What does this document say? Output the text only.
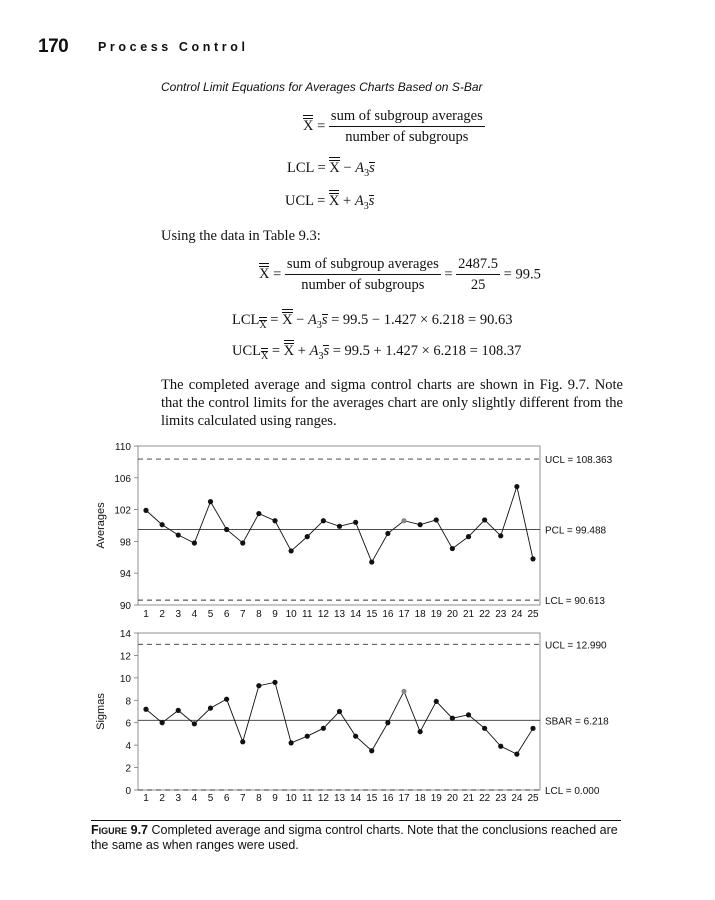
170 Process Control
Control Limit Equations for Averages Charts Based on S-Bar
$X = \frac{\text{sum of subgroup averages}}{\text{number of subgroups}}$
LCL = $X - A_3s$
UCL = $X + A_3s$
Using the data in Table 9.3:
$X = \frac{\text{sum of subgroup averages}}{\text{number of subgroups}} = \frac{2487.5}{25} = 99.5$
$LCL_X = X - A_3s = 99.5 - 1.427 \times 6.218 = 90.63$
$UCL_X = X + A_3s = 99.5 + 1.427 \times 6.218 = 108.37$
The completed average and sigma control charts are shown in Fig. 9.7. Note that the control limits for the averages chart are only slightly different from the limits calculated using ranges.
90
94
98
102
106
110
Averages
UCL = 108.363
LCL = 90.613
PCL = 99.488
1 2 3 4 5 6 7 8 9 10 11 12 13 14 15 16 17 18 19 20 21 22 23 24 25
0
2
4
6
8
10
12
14
Sigmas
UCL = 12.990
LCL = 0.000
SBAR = 6.218
1 2 3 4 5 6 7 8 9 10 11 12 13 14 15 16 17 18 19 20 21 22 23 24 25
Figure 9.7 Completed average and sigma control charts. Note that the conclusions reached are the same as when ranges were used.
